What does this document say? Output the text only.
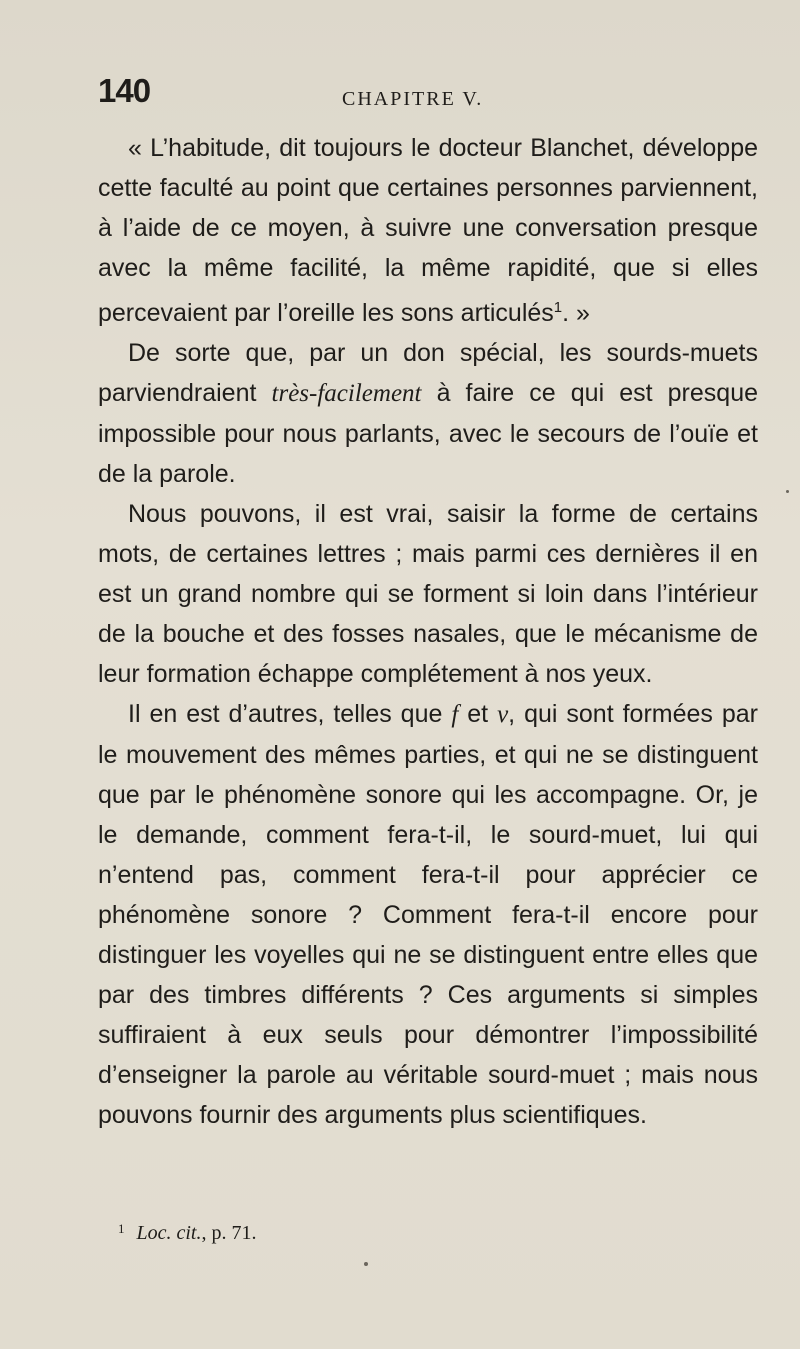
140	CHAPITRE V.

« L’habitude, dit toujours le docteur Blanchet, développe cette faculté au point que certaines personnes parviennent, à l’aide de ce moyen, à suivre une conversation presque avec la même facilité, la même rapidité, que si elles percevaient par l’oreille les sons articulés$^1$. »

De sorte que, par un don spécial, les sourds-muets parviendraient très-facilement à faire ce qui est presque impossible pour nous parlants, avec le secours de l’ouïe et de la parole.

Nous pouvons, il est vrai, saisir la forme de certains mots, de certaines lettres ; mais parmi ces dernières il en est un grand nombre qui se forment si loin dans l’intérieur de la bouche et des fosses nasales, que le mécanisme de leur formation échappe complétement à nos yeux.

Il en est d’autres, telles que f et v, qui sont formées par le mouvement des mêmes parties, et qui ne se distinguent que par le phénomène sonore qui les accompagne. Or, je le demande, comment fera-t-il, le sourd-muet, lui qui n’entend pas, comment fera-t-il pour apprécier ce phénomène sonore ? Comment fera-t-il encore pour distinguer les voyelles qui ne se distinguent entre elles que par des timbres différents ? Ces arguments si simples suffiraient à eux seuls pour démontrer l’impossibilité d’enseigner la parole au véritable sourd-muet ; mais nous pouvons fournir des arguments plus scientifiques.

$^1$ Loc. cit., p. 71.
